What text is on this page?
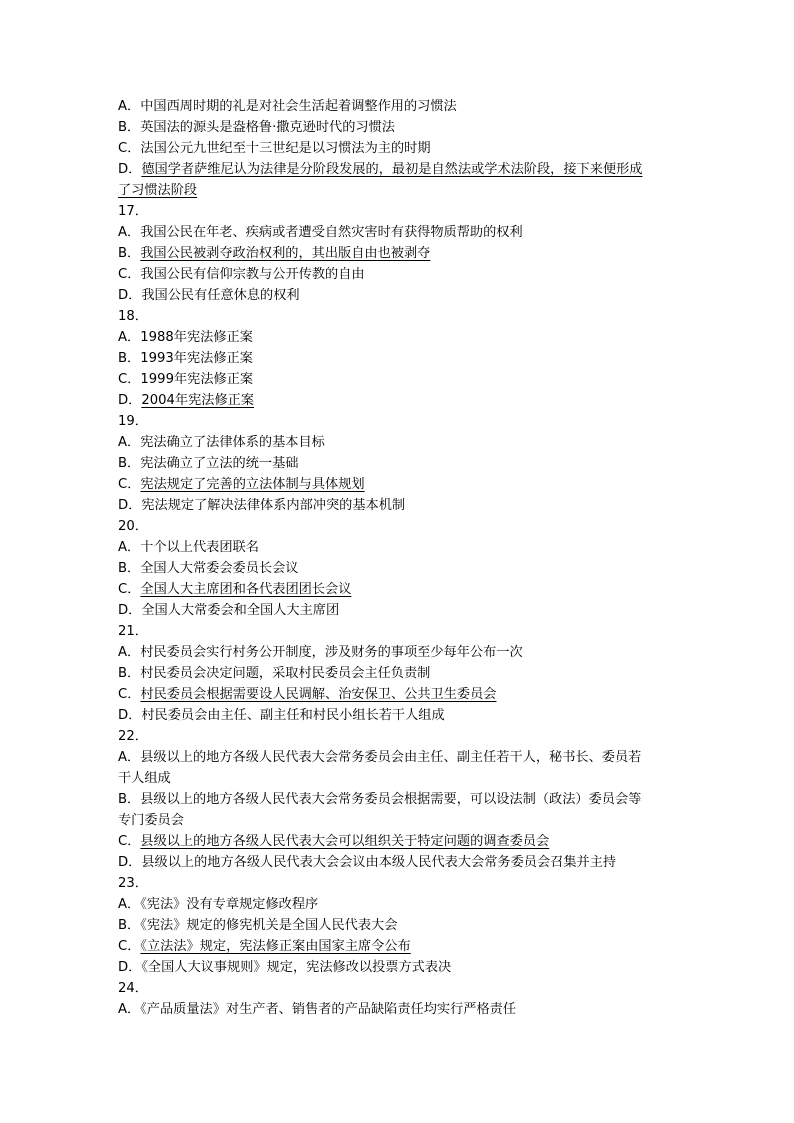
A．中国西周时期的礼是对社会生活起着调整作用的习惯法
B．英国法的源头是盎格鲁·撒克逊时代的习惯法
C．法国公元九世纪至十三世纪是以习惯法为主的时期
D．德国学者萨维尼认为法律是分阶段发展的，最初是自然法或学术法阶段，接下来便形成
了习惯法阶段
17．
A．我国公民在年老、疾病或者遭受自然灾害时有获得物质帮助的权利
B．我国公民被剥夺政治权利的，其出版自由也被剥夺
C．我国公民有信仰宗教与公开传教的自由
D．我国公民有任意休息的权利
18．
A．1988年宪法修正案
B．1993年宪法修正案
C．1999年宪法修正案
D．2004年宪法修正案
19．
A．宪法确立了法律体系的基本目标
B．宪法确立了立法的统一基础
C．宪法规定了完善的立法体制与具体规划
D．宪法规定了解决法律体系内部冲突的基本机制
20．
A．十个以上代表团联名
B．全国人大常委会委员长会议
C．全国人大主席团和各代表团团长会议
D．全国人大常委会和全国人大主席团
21．
A．村民委员会实行村务公开制度，涉及财务的事项至少每年公布一次
B．村民委员会决定问题，采取村民委员会主任负责制
C．村民委员会根据需要设人民调解、治安保卫、公共卫生委员会
D．村民委员会由主任、副主任和村民小组长若干人组成
22．
A．县级以上的地方各级人民代表大会常务委员会由主任、副主任若干人，秘书长、委员若
干人组成
B．县级以上的地方各级人民代表大会常务委员会根据需要，可以设法制（政法）委员会等
专门委员会
C．县级以上的地方各级人民代表大会可以组织关于特定问题的调查委员会
D．县级以上的地方各级人民代表大会会议由本级人民代表大会常务委员会召集并主持
23．
A．《宪法》没有专章规定修改程序
B．《宪法》规定的修宪机关是全国人民代表大会
C．《立法法》规定，宪法修正案由国家主席令公布
D．《全国人大议事规则》规定，宪法修改以投票方式表决
24．
A．《产品质量法》对生产者、销售者的产品缺陷责任均实行严格责任
